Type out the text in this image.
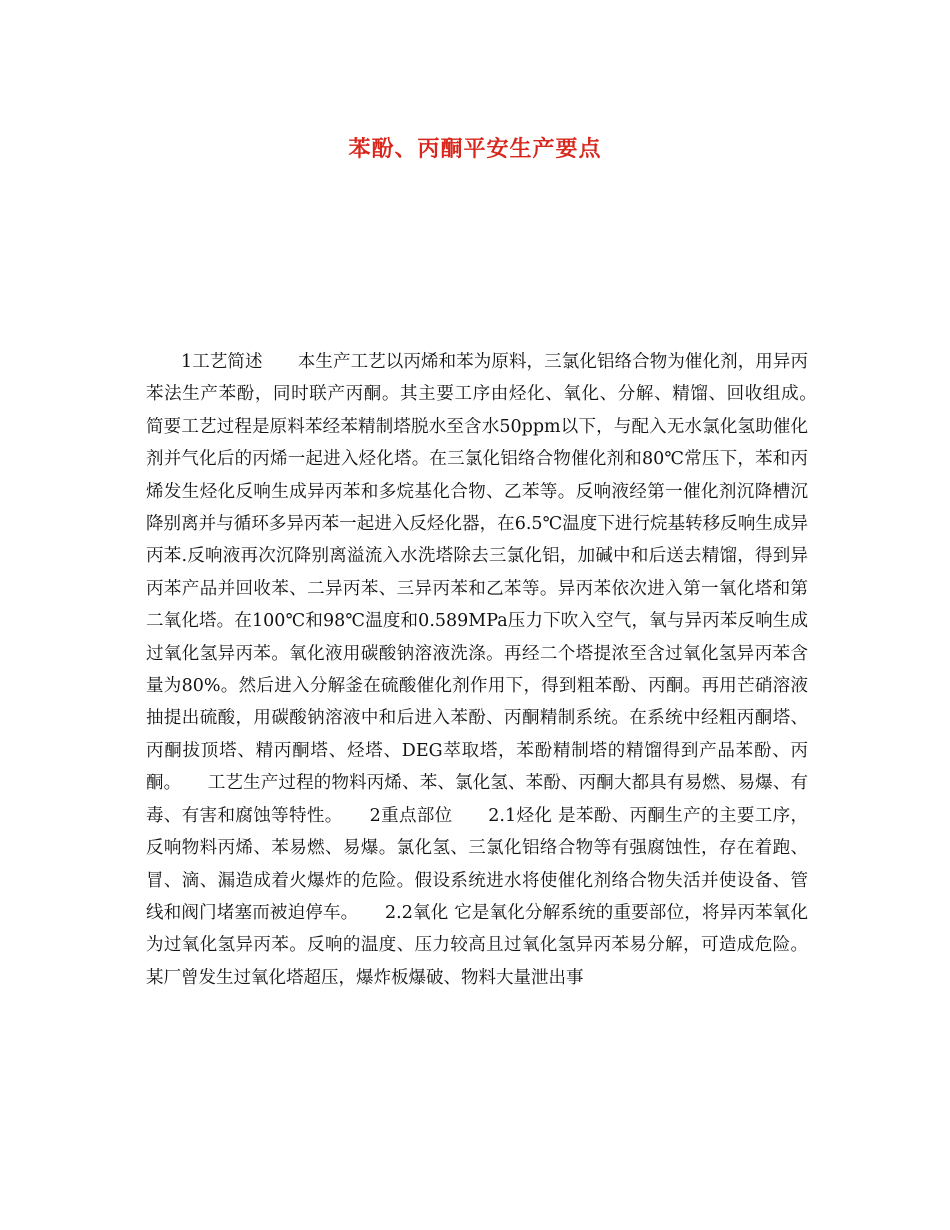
苯酚、丙酮平安生产要点

1工艺简述　　本生产工艺以丙烯和苯为原料，三氯化铝络合物为催化剂，用异丙苯法生产苯酚，同时联产丙酮。其主要工序由烃化、氧化、分解、精馏、回收组成。　　简要工艺过程是原料苯经苯精制塔脱水至含水50ppm以下，与配入无水氯化氢助催化剂并气化后的丙烯一起进入烃化塔。在三氯化铝络合物催化剂和80℃常压下，苯和丙烯发生烃化反响生成异丙苯和多烷基化合物、乙苯等。反响液经第一催化剂沉降槽沉降别离并与循环多异丙苯一起进入反烃化器，在6.5℃温度下进行烷基转移反响生成异丙苯.反响液再次沉降别离溢流入水洗塔除去三氯化铝，加碱中和后送去精馏，得到异丙苯产品并回收苯、二异丙苯、三异丙苯和乙苯等。异丙苯依次进入第一氧化塔和第二氧化塔。在100℃和98℃温度和0.589MPa压力下吹入空气，氧与异丙苯反响生成过氧化氢异丙苯。氧化液用碳酸钠溶液洗涤。再经二个塔提浓至含过氧化氢异丙苯含量为80%。然后进入分解釜在硫酸催化剂作用下，得到粗苯酚、丙酮。再用芒硝溶液抽提出硫酸，用碳酸钠溶液中和后进入苯酚、丙酮精制系统。在系统中经粗丙酮塔、丙酮拔顶塔、精丙酮塔、烃塔、DEG萃取塔，苯酚精制塔的精馏得到产品苯酚、丙酮。　　工艺生产过程的物料丙烯、苯、氯化氢、苯酚、丙酮大都具有易燃、易爆、有毒、有害和腐蚀等特性。　　2重点部位　　2.1烃化 是苯酚、丙酮生产的主要工序，反响物料丙烯、苯易燃、易爆。氯化氢、三氯化铝络合物等有强腐蚀性，存在着跑、冒、滴、漏造成着火爆炸的危险。假设系统进水将使催化剂络合物失活并使设备、管线和阀门堵塞而被迫停车。　　2.2氧化 它是氧化分解系统的重要部位，将异丙苯氧化为过氧化氢异丙苯。反响的温度、压力较高且过氧化氢异丙苯易分解，可造成危险。某厂曾发生过氧化塔超压，爆炸板爆破、物料大量泄出事
